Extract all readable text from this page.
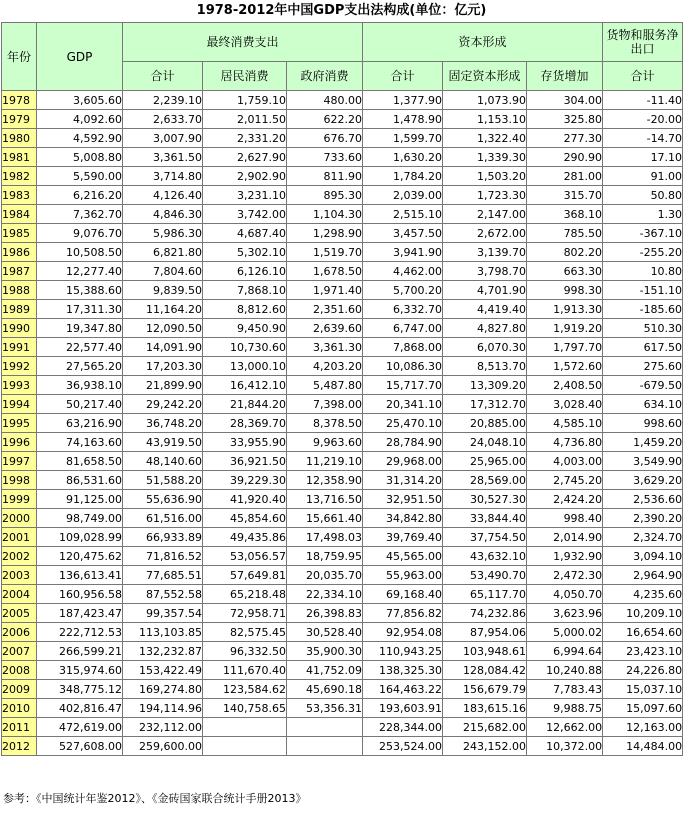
1978-2012年中国GDP支出法构成(单位：亿元)
年份	GDP	最终消费支出			资本形成			货物和服务净出口
		合计	居民消费	政府消费	合计	固定资本形成	存货增加	合计
1978	3,605.60	2,239.10	1,759.10	480.00	1,377.90	1,073.90	304.00	-11.40
1979	4,092.60	2,633.70	2,011.50	622.20	1,478.90	1,153.10	325.80	-20.00
1980	4,592.90	3,007.90	2,331.20	676.70	1,599.70	1,322.40	277.30	-14.70
1981	5,008.80	3,361.50	2,627.90	733.60	1,630.20	1,339.30	290.90	17.10
1982	5,590.00	3,714.80	2,902.90	811.90	1,784.20	1,503.20	281.00	91.00
1983	6,216.20	4,126.40	3,231.10	895.30	2,039.00	1,723.30	315.70	50.80
1984	7,362.70	4,846.30	3,742.00	1,104.30	2,515.10	2,147.00	368.10	1.30
1985	9,076.70	5,986.30	4,687.40	1,298.90	3,457.50	2,672.00	785.50	-367.10
1986	10,508.50	6,821.80	5,302.10	1,519.70	3,941.90	3,139.70	802.20	-255.20
1987	12,277.40	7,804.60	6,126.10	1,678.50	4,462.00	3,798.70	663.30	10.80
1988	15,388.60	9,839.50	7,868.10	1,971.40	5,700.20	4,701.90	998.30	-151.10
1989	17,311.30	11,164.20	8,812.60	2,351.60	6,332.70	4,419.40	1,913.30	-185.60
1990	19,347.80	12,090.50	9,450.90	2,639.60	6,747.00	4,827.80	1,919.20	510.30
1991	22,577.40	14,091.90	10,730.60	3,361.30	7,868.00	6,070.30	1,797.70	617.50
1992	27,565.20	17,203.30	13,000.10	4,203.20	10,086.30	8,513.70	1,572.60	275.60
1993	36,938.10	21,899.90	16,412.10	5,487.80	15,717.70	13,309.20	2,408.50	-679.50
1994	50,217.40	29,242.20	21,844.20	7,398.00	20,341.10	17,312.70	3,028.40	634.10
1995	63,216.90	36,748.20	28,369.70	8,378.50	25,470.10	20,885.00	4,585.10	998.60
1996	74,163.60	43,919.50	33,955.90	9,963.60	28,784.90	24,048.10	4,736.80	1,459.20
1997	81,658.50	48,140.60	36,921.50	11,219.10	29,968.00	25,965.00	4,003.00	3,549.90
1998	86,531.60	51,588.20	39,229.30	12,358.90	31,314.20	28,569.00	2,745.20	3,629.20
1999	91,125.00	55,636.90	41,920.40	13,716.50	32,951.50	30,527.30	2,424.20	2,536.60
2000	98,749.00	61,516.00	45,854.60	15,661.40	34,842.80	33,844.40	998.40	2,390.20
2001	109,028.99	66,933.89	49,435.86	17,498.03	39,769.40	37,754.50	2,014.90	2,324.70
2002	120,475.62	71,816.52	53,056.57	18,759.95	45,565.00	43,632.10	1,932.90	3,094.10
2003	136,613.41	77,685.51	57,649.81	20,035.70	55,963.00	53,490.70	2,472.30	2,964.90
2004	160,956.58	87,552.58	65,218.48	22,334.10	69,168.40	65,117.70	4,050.70	4,235.60
2005	187,423.47	99,357.54	72,958.71	26,398.83	77,856.82	74,232.86	3,623.96	10,209.10
2006	222,712.53	113,103.85	82,575.45	30,528.40	92,954.08	87,954.06	5,000.02	16,654.60
2007	266,599.21	132,232.87	96,332.50	35,900.30	110,943.25	103,948.61	6,994.64	23,423.10
2008	315,974.60	153,422.49	111,670.40	41,752.09	138,325.30	128,084.42	10,240.88	24,226.80
2009	348,775.12	169,274.80	123,584.62	45,690.18	164,463.22	156,679.79	7,783.43	15,037.10
2010	402,816.47	194,114.96	140,758.65	53,356.31	193,603.91	183,615.16	9,988.75	15,097.60
2011	472,619.00	232,112.00			228,344.00	215,682.00	12,662.00	12,163.00
2012	527,608.00	259,600.00			253,524.00	243,152.00	10,372.00	14,484.00
参考：《中国统计年鉴2012》、《金砖国家联合统计手册2013》
